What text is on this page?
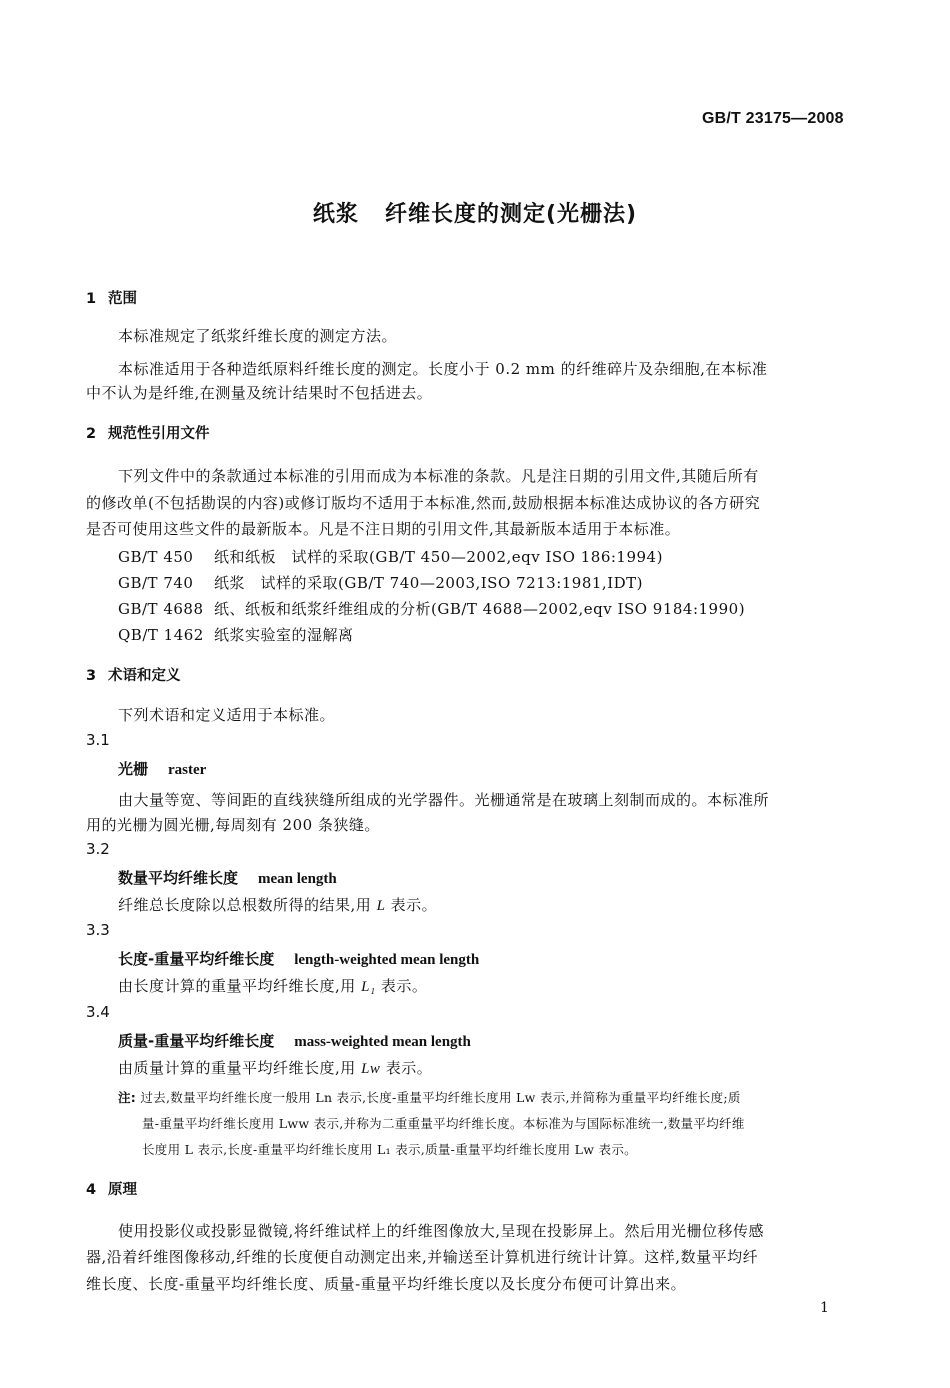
GB/T 23175—2008
纸浆 纤维长度的测定(光栅法)
1 范围
本标准规定了纸浆纤维长度的测定方法。
本标准适用于各种造纸原料纤维长度的测定。长度小于 0.2 mm 的纤维碎片及杂细胞,在本标准
中不认为是纤维,在测量及统计结果时不包括进去。
2 规范性引用文件
下列文件中的条款通过本标准的引用而成为本标准的条款。凡是注日期的引用文件,其随后所有
的修改单(不包括勘误的内容)或修订版均不适用于本标准,然而,鼓励根据本标准达成协议的各方研究
是否可使用这些文件的最新版本。凡是不注日期的引用文件,其最新版本适用于本标准。
GB/T 450 纸和纸板　试样的采取(GB/T 450—2002,eqv ISO 186:1994)
GB/T 740 纸浆　试样的采取(GB/T 740—2003,ISO 7213:1981,IDT)
GB/T 4688 纸、纸板和纸浆纤维组成的分析(GB/T 4688—2002,eqv ISO 9184:1990)
QB/T 1462 纸浆实验室的湿解离
3 术语和定义
下列术语和定义适用于本标准。
3.1
光栅 raster
由大量等宽、等间距的直线狭缝所组成的光学器件。光栅通常是在玻璃上刻制而成的。本标准所
用的光栅为圆光栅,每周刻有 200 条狭缝。
3.2
数量平均纤维长度 mean length
纤维总长度除以总根数所得的结果,用 L 表示。
3.3
长度-重量平均纤维长度 length-weighted mean length
由长度计算的重量平均纤维长度,用 L₁ 表示。
3.4
质量-重量平均纤维长度 mass-weighted mean length
由质量计算的重量平均纤维长度,用 Lw 表示。
注: 过去,数量平均纤维长度一般用 Ln 表示,长度-重量平均纤维长度用 Lw 表示,并简称为重量平均纤维长度;质
量-重量平均纤维长度用 Lww 表示,并称为二重重量平均纤维长度。本标准为与国际标准统一,数量平均纤维
长度用 L 表示,长度-重量平均纤维长度用 L₁ 表示,质量-重量平均纤维长度用 Lw 表示。
4 原理
使用投影仪或投影显微镜,将纤维试样上的纤维图像放大,呈现在投影屏上。然后用光栅位移传感
器,沿着纤维图像移动,纤维的长度便自动测定出来,并输送至计算机进行统计计算。这样,数量平均纤
维长度、长度-重量平均纤维长度、质量-重量平均纤维长度以及长度分布便可计算出来。
1
